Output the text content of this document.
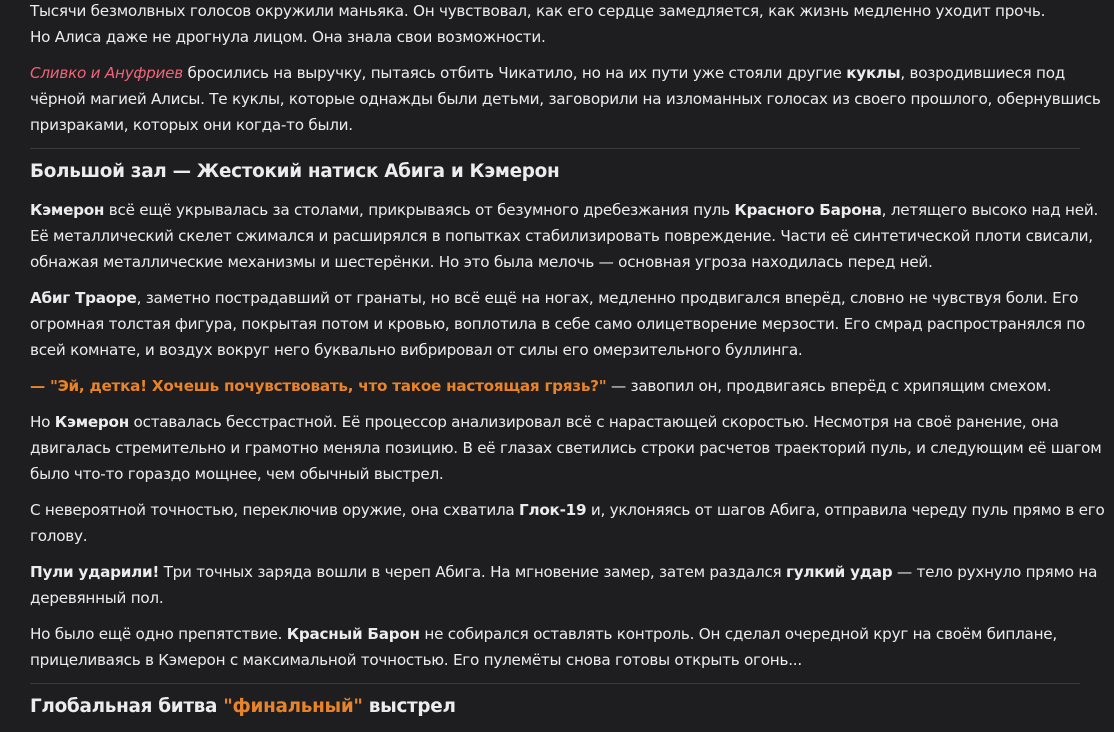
Тысячи безмолвных голосов окружили маньяка. Он чувствовал, как его сердце замедляется, как жизнь медленно уходит прочь.
Но Алиса даже не дрогнула лицом. Она знала свои возможности.

Сливко и Ануфриев бросились на выручку, пытаясь отбить Чикатило, но на их пути уже стояли другие куклы, возродившиеся под чёрной магией Алисы. Те куклы, которые однажды были детьми, заговорили на изломанных голосах из своего прошлого, обернувшись призраками, которых они когда-то были.

Большой зал — Жестокий натиск Абига и Кэмерон

Кэмерон всё ещё укрывалась за столами, прикрываясь от безумного дребезжания пуль Красного Барона, летящего высоко над ней. Её металлический скелет сжимался и расширялся в попытках стабилизировать повреждение. Части её синтетической плоти свисали, обнажая металлические механизмы и шестерёнки. Но это была мелочь — основная угроза находилась перед ней.

Абиг Траоре, заметно пострадавший от гранаты, но всё ещё на ногах, медленно продвигался вперёд, словно не чувствуя боли. Его огромная толстая фигура, покрытая потом и кровью, воплотила в себе само олицетворение мерзости. Его смрад распространялся по всей комнате, и воздух вокруг него буквально вибрировал от силы его омерзительного буллинга.

— "Эй, детка! Хочешь почувствовать, что такое настоящая грязь?" — завопил он, продвигаясь вперёд с хрипящим смехом.

Но Кэмерон оставалась бесстрастной. Её процессор анализировал всё с нарастающей скоростью. Несмотря на своё ранение, она двигалась стремительно и грамотно меняла позицию. В её глазах светились строки расчетов траекторий пуль, и следующим её шагом было что-то гораздо мощнее, чем обычный выстрел.

С невероятной точностью, переключив оружие, она схватила Глок-19 и, уклоняясь от шагов Абига, отправила череду пуль прямо в его голову.

Пули ударили! Три точных заряда вошли в череп Абига. На мгновение замер, затем раздался гулкий удар — тело рухнуло прямо на деревянный пол.

Но было ещё одно препятствие. Красный Барон не собирался оставлять контроль. Он сделал очередной круг на своём биплане, прицеливаясь в Кэмерон с максимальной точностью. Его пулемёты снова готовы открыть огонь...

Глобальная битва "финальный" выстрел
